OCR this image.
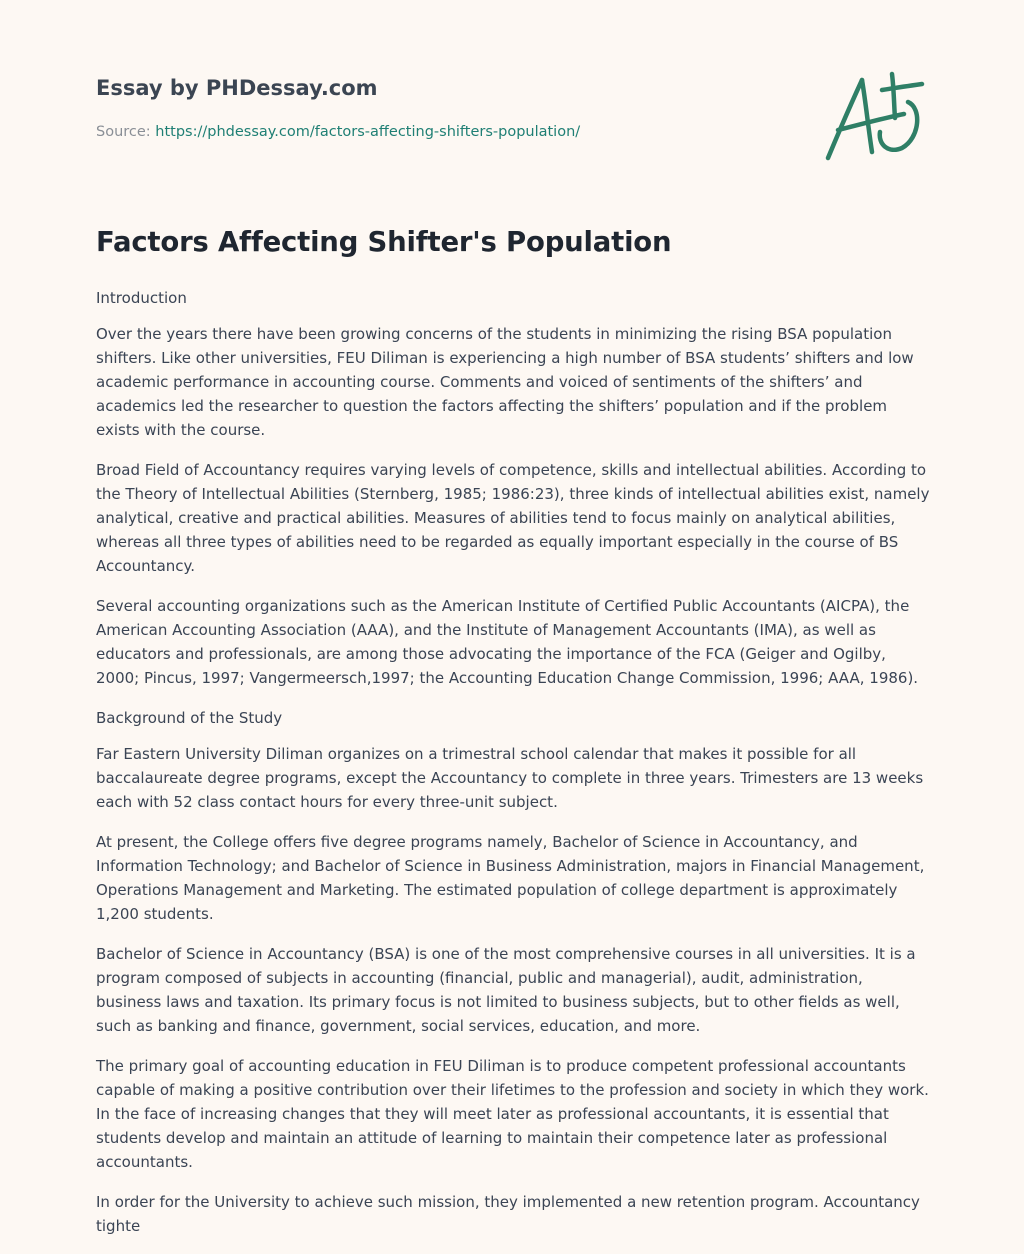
Essay by PHDessay.com

Source: https://phdessay.com/factors-affecting-shifters-population/

Factors Affecting Shifter's Population

Introduction

Over the years there have been growing concerns of the students in minimizing the rising BSA population shifters. Like other universities, FEU Diliman is experiencing a high number of BSA students’ shifters and low academic performance in accounting course. Comments and voiced of sentiments of the shifters’ and academics led the researcher to question the factors affecting the shifters’ population and if the problem exists with the course.

Broad Field of Accountancy requires varying levels of competence, skills and intellectual abilities. According to the Theory of Intellectual Abilities (Sternberg, 1985; 1986:23), three kinds of intellectual abilities exist, namely analytical, creative and practical abilities. Measures of abilities tend to focus mainly on analytical abilities, whereas all three types of abilities need to be regarded as equally important especially in the course of BS Accountancy.

Several accounting organizations such as the American Institute of Certified Public Accountants (AICPA), the American Accounting Association (AAA), and the Institute of Management Accountants (IMA), as well as educators and professionals, are among those advocating the importance of the FCA (Geiger and Ogilby, 2000; Pincus, 1997; Vangermeersch,1997; the Accounting Education Change Commission, 1996; AAA, 1986).

Background of the Study

Far Eastern University Diliman organizes on a trimestral school calendar that makes it possible for all baccalaureate degree programs, except the Accountancy to complete in three years. Trimesters are 13 weeks each with 52 class contact hours for every three-unit subject.

At present, the College offers five degree programs namely, Bachelor of Science in Accountancy, and Information Technology; and Bachelor of Science in Business Administration, majors in Financial Management, Operations Management and Marketing. The estimated population of college department is approximately 1,200 students.

Bachelor of Science in Accountancy (BSA) is one of the most comprehensive courses in all universities. It is a program composed of subjects in accounting (financial, public and managerial), audit, administration, business laws and taxation. Its primary focus is not limited to business subjects, but to other fields as well, such as banking and finance, government, social services, education, and more.

The primary goal of accounting education in FEU Diliman is to produce competent professional accountants capable of making a positive contribution over their lifetimes to the profession and society in which they work. In the face of increasing changes that they will meet later as professional accountants, it is essential that students develop and maintain an attitude of learning to maintain their competence later as professional accountants.

In order for the University to achieve such mission, they implemented a new retention program. Accountancy tighte
